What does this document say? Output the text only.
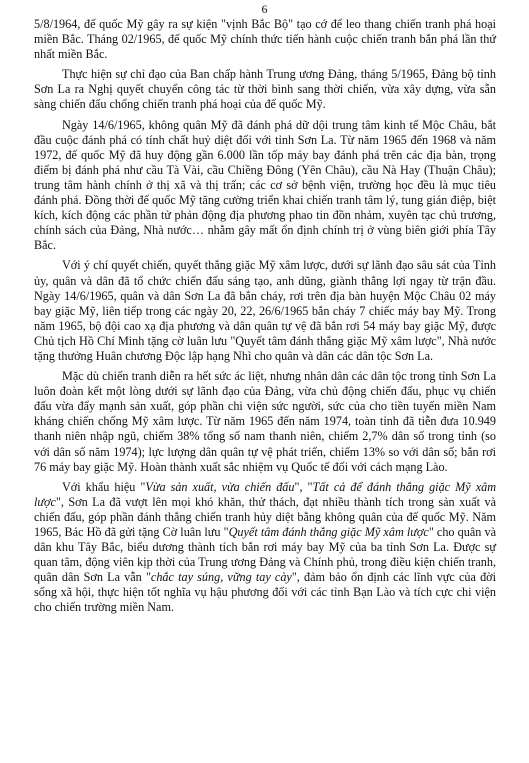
6

5/8/1964, đế quốc Mỹ gây ra sự kiện "vịnh Bắc Bộ" tạo cớ để leo thang chiến tranh phá hoại miền Bắc. Tháng 02/1965, đế quốc Mỹ chính thức tiến hành cuộc chiến tranh bắn phá lần thứ nhất miền Bắc.

Thực hiện sự chỉ đạo của Ban chấp hành Trung ương Đảng, tháng 5/1965, Đảng bộ tỉnh Sơn La ra Nghị quyết chuyển công tác từ thời bình sang thời chiến, vừa xây dựng, vừa sẵn sàng chiến đấu chống chiến tranh phá hoại của đế quốc Mỹ.

Ngày 14/6/1965, không quân Mỹ đã đánh phá dữ dội trung tâm kinh tế Mộc Châu, bắt đầu cuộc đánh phá có tính chất huỷ diệt đối với tỉnh Sơn La. Từ năm 1965 đến 1968 và năm 1972, đế quốc Mỹ đã huy động gần 6.000 lần tốp máy bay đánh phá trên các địa bàn, trọng điểm bị đánh phá như cầu Tà Vài, cầu Chiềng Đông (Yên Châu), cầu Nà Hay (Thuận Châu); trung tâm hành chính ở thị xã và thị trấn; các cơ sở bệnh viện, trường học đều là mục tiêu đánh phá. Đồng thời đế quốc Mỹ tăng cường triển khai chiến tranh tâm lý, tung gián điệp, biệt kích, kích động các phần tử phản động địa phương phao tin đồn nhảm, xuyên tạc chủ trương, chính sách của Đảng, Nhà nước… nhằm gây mất ổn định chính trị ở vùng biên giới phía Tây Bắc.

Với ý chí quyết chiến, quyết thắng giặc Mỹ xâm lược, dưới sự lãnh đạo sâu sát của Tỉnh ủy, quân và dân đã tổ chức chiến đấu sáng tạo, anh dũng, giành thắng lợi ngay từ trận đầu. Ngày 14/6/1965, quân và dân Sơn La đã bắn cháy, rơi trên địa bàn huyện Mộc Châu 02 máy bay giặc Mỹ, liên tiếp trong các ngày 20, 22, 26/6/1965 bắn cháy 7 chiếc máy bay Mỹ. Trong năm 1965, bộ đội cao xạ địa phương và dân quân tự vệ đã bắn rơi 54 máy bay giặc Mỹ, được Chủ tịch Hồ Chí Minh tặng cờ luân lưu "Quyết tâm đánh thắng giặc Mỹ xâm lược", Nhà nước tặng thưởng Huân chương Độc lập hạng Nhì cho quân và dân các dân tộc Sơn La.

Mặc dù chiến tranh diễn ra hết sức ác liệt, nhưng nhân dân các dân tộc trong tỉnh Sơn La luôn đoàn kết một lòng dưới sự lãnh đạo của Đảng, vừa chủ động chiến đấu, phục vụ chiến đấu vừa đẩy mạnh sản xuất, góp phần chi viện sức người, sức của cho tiền tuyến miền Nam kháng chiến chống Mỹ xâm lược. Từ năm 1965 đến năm 1974, toàn tỉnh đã tiễn đưa 10.949 thanh niên nhập ngũ, chiếm 38% tổng số nam thanh niên, chiếm 2,7% dân số trong tỉnh (so với dân số năm 1974); lực lượng dân quân tự vệ phát triển, chiếm 13% so với dân số; bắn rơi 76 máy bay giặc Mỹ. Hoàn thành xuất sắc nhiệm vụ Quốc tế đối với cách mạng Lào.

Với khẩu hiệu "Vừa sản xuất, vừa chiến đấu", "Tất cả để đánh thắng giặc Mỹ xâm lược", Sơn La đã vượt lên mọi khó khăn, thử thách, đạt nhiều thành tích trong sản xuất và chiến đấu, góp phần đánh thắng chiến tranh hủy diệt bằng không quân của đế quốc Mỹ. Năm 1965, Bác Hồ đã gửi tặng Cờ luân lưu "Quyết tâm đánh thắng giặc Mỹ xâm lược" cho quân và dân khu Tây Bắc, biểu dương thành tích bắn rơi máy bay Mỹ của ba tỉnh Sơn La. Được sự quan tâm, động viên kịp thời của Trung ương Đảng và Chính phủ, trong điều kiện chiến tranh, quân dân Sơn La vẫn "chắc tay súng, vững tay cày", đảm bảo ổn định các lĩnh vực của đời sống xã hội, thực hiện tốt nghĩa vụ hậu phương đối với các tỉnh Bạn Lào và tích cực chi viện cho chiến trường miền Nam.
